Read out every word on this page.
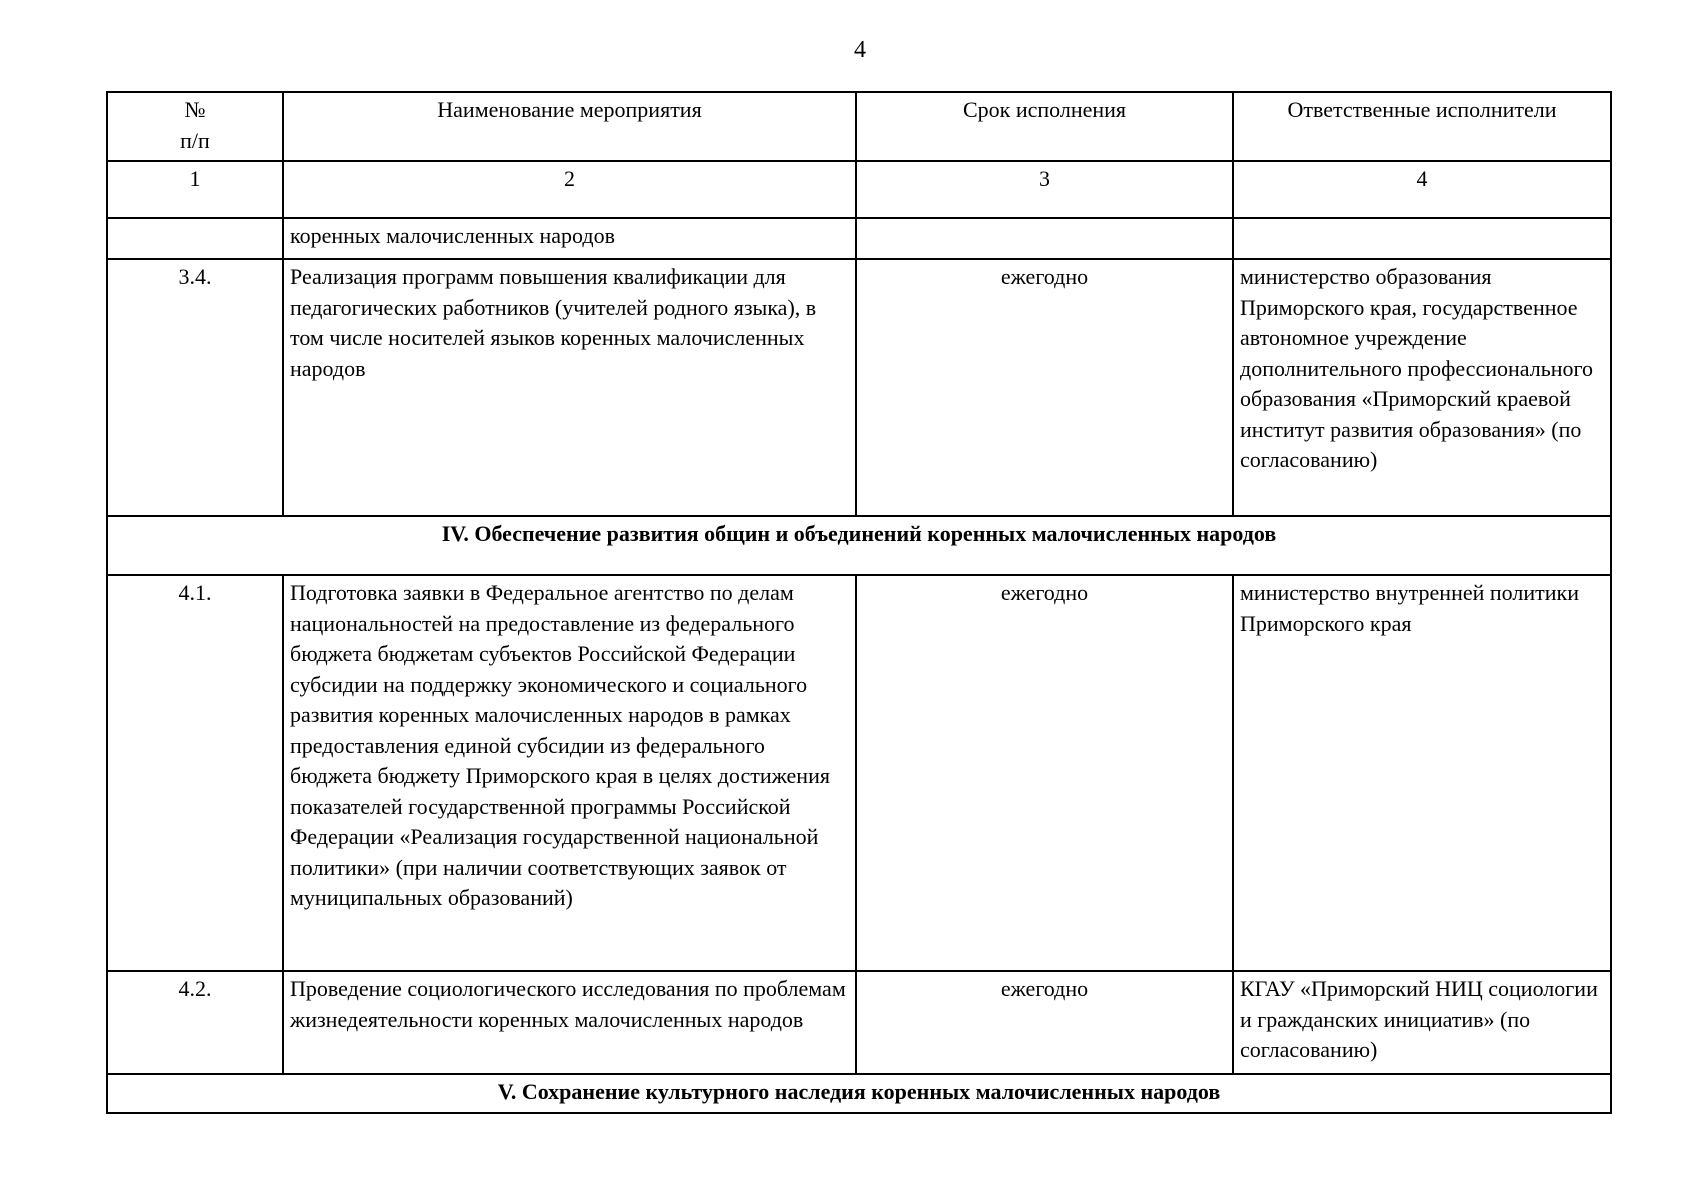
4
№
п/п	Наименование мероприятия	Срок исполнения	Ответственные исполнители
1	2	3	4
	коренных малочисленных народов		
3.4.	Реализация программ повышения квалификации для педагогических работников (учителей родного языка), в том числе носителей языков коренных малочисленных народов	ежегодно	министерство образования Приморского края, государственное автономное учреждение дополнительного профессионального образования «Приморский краевой институт развития образования» (по согласованию)
IV. Обеспечение развития общин и объединений коренных малочисленных народов			
4.1.	Подготовка заявки в Федеральное агентство по делам национальностей на предоставление из федерального бюджета бюджетам субъектов Российской Федерации субсидии на поддержку экономического и социального развития коренных малочисленных народов в рамках предоставления единой субсидии из федерального бюджета бюджету Приморского края в целях достижения показателей государственной программы Российской Федерации «Реализация государственной национальной политики» (при наличии соответствующих заявок от муниципальных образований)	ежегодно	министерство внутренней политики Приморского края
4.2.	Проведение социологического исследования по проблемам жизнедеятельности коренных малочисленных народов	ежегодно	КГАУ «Приморский НИЦ социологии и гражданских инициатив» (по согласованию)
V. Сохранение культурного наследия коренных малочисленных народов			
